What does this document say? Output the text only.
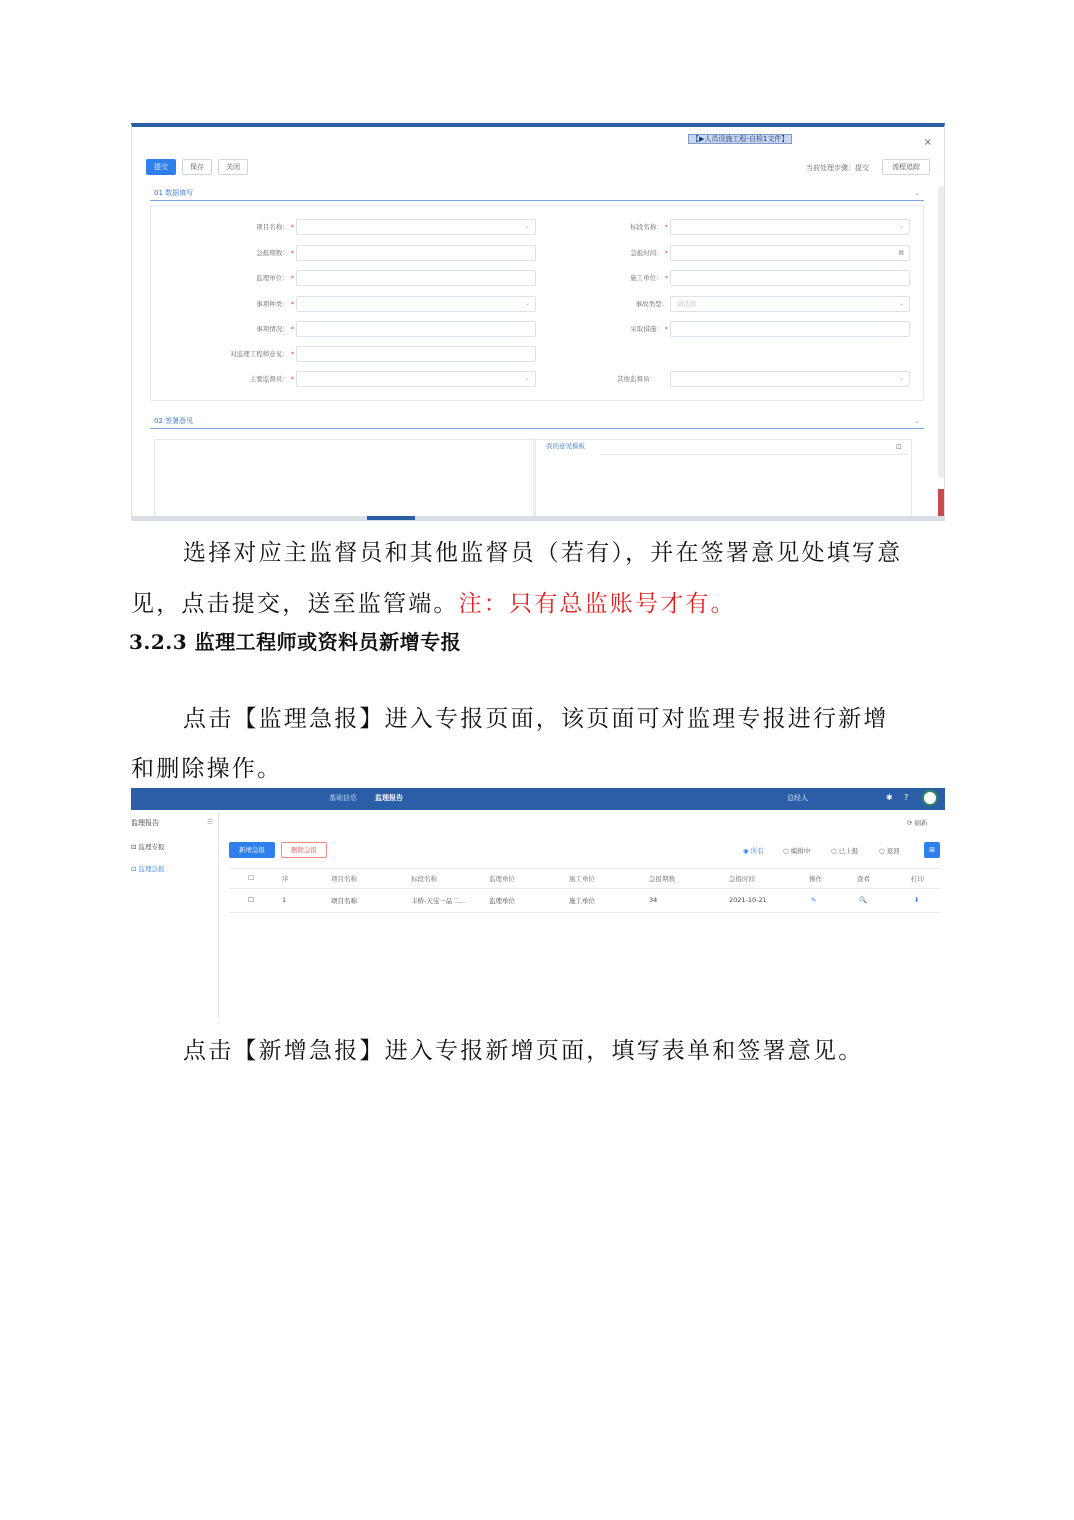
【▶人员设施工程-自检1文件】	×
提交	保存	关闭	当前处理步骤：提交	流程追踪
01 数据填写	⌄
项目名称： *	⌄	标段名称： *	⌄
急报期数： *	急报时间： *	▦
监理单位： *	施工单位： *
事项种类： *	⌄	事故类型：	请选择	⌄
事项情况： *	采取措施： *
对监理工程师意见： *
主要监督员： *	⌄	其他监督员：	⌄
02 签署意见	⌄
我的意见模板	⊡
选择对应主监督员和其他监督员（若有），并在签署意见处填写意
见，点击提交，送至监管端。注：只有总监账号才有。
3.2.3 监理工程师或资料员新增专报
点击【监理急报】进入专报页面，该页面可对监理专报进行新增
和删除操作。
基础信息	监理报告	总经人	✱ ?
监理报告	☰
⊡ 监理专报
⊡ 监理急报
⟳ 刷新
新增急报	删除急报	◉ 所有	○ 编辑中	○ 已上报	○ 退回	⊞
☐	序	项目名称	标段名称	监理单位	施工单位	急报期数	急报时间	操作	查看	打印
☐	1	项目名称	丰桥-天宝一品二...	监理单位	施工单位	34	2021-10-21	✎	🔍	⬇
点击【新增急报】进入专报新增页面，填写表单和签署意见。
